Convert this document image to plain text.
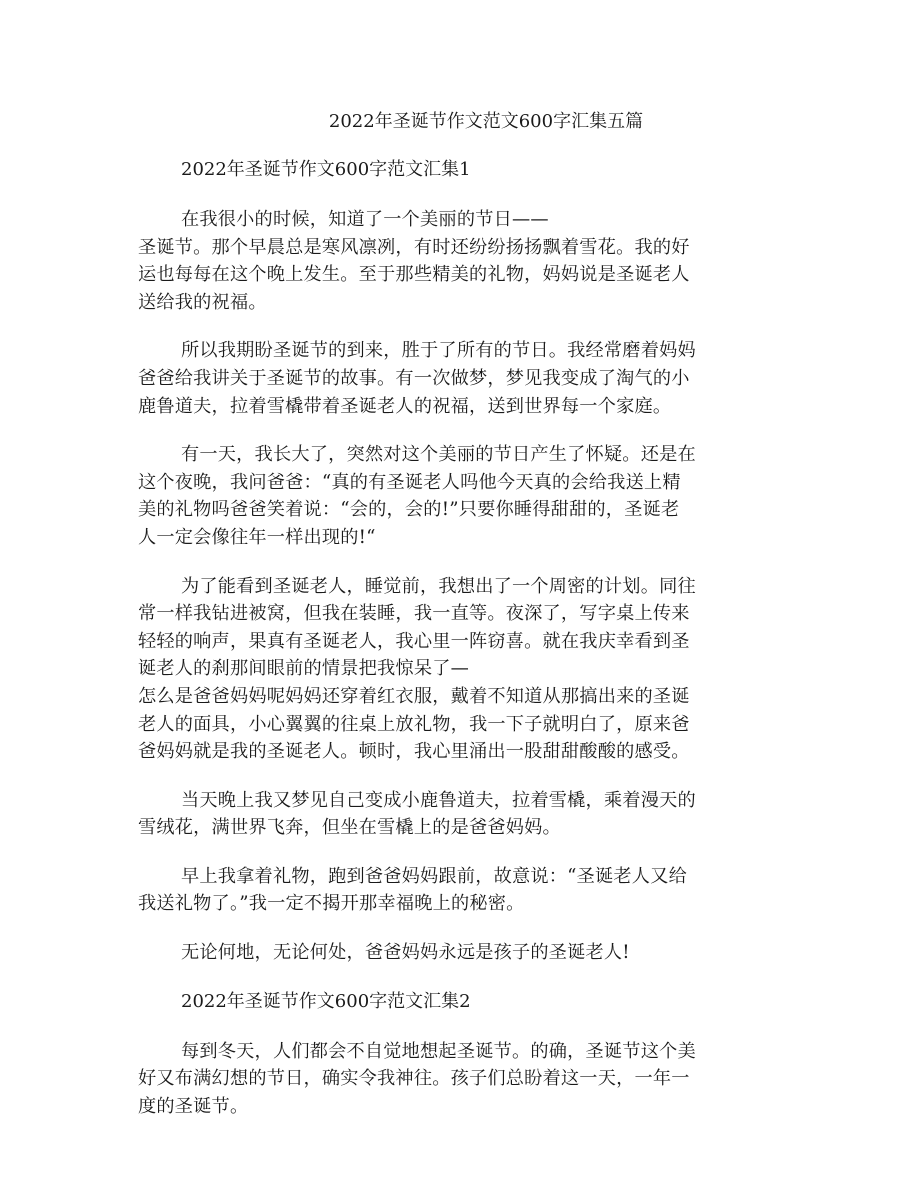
2022年圣诞节作文范文600字汇集五篇
2022年圣诞节作文600字范文汇集1

在我很小的时候，知道了一个美丽的节日——
圣诞节。那个早晨总是寒风凛冽，有时还纷纷扬扬飘着雪花。我的好
运也每每在这个晚上发生。至于那些精美的礼物，妈妈说是圣诞老人
送给我的祝福。

所以我期盼圣诞节的到来，胜于了所有的节日。我经常磨着妈妈
爸爸给我讲关于圣诞节的故事。有一次做梦，梦见我变成了淘气的小
鹿鲁道夫，拉着雪橇带着圣诞老人的祝福，送到世界每一个家庭。

有一天，我长大了，突然对这个美丽的节日产生了怀疑。还是在
这个夜晚，我问爸爸：“真的有圣诞老人吗他今天真的会给我送上精
美的礼物吗爸爸笑着说：“会的，会的!”只要你睡得甜甜的，圣诞老
人一定会像往年一样出现的!“

为了能看到圣诞老人，睡觉前，我想出了一个周密的计划。同往
常一样我钻进被窝，但我在装睡，我一直等。夜深了，写字桌上传来
轻轻的响声，果真有圣诞老人，我心里一阵窃喜。就在我庆幸看到圣
诞老人的刹那间眼前的情景把我惊呆了—
怎么是爸爸妈妈呢妈妈还穿着红衣服，戴着不知道从那搞出来的圣诞
老人的面具，小心翼翼的往桌上放礼物，我一下子就明白了，原来爸
爸妈妈就是我的圣诞老人。顿时，我心里涌出一股甜甜酸酸的感受。

当天晚上我又梦见自己变成小鹿鲁道夫，拉着雪橇，乘着漫天的
雪绒花，满世界飞奔，但坐在雪橇上的是爸爸妈妈。

早上我拿着礼物，跑到爸爸妈妈跟前，故意说：“圣诞老人又给
我送礼物了。”我一定不揭开那幸福晚上的秘密。

无论何地，无论何处，爸爸妈妈永远是孩子的圣诞老人!

2022年圣诞节作文600字范文汇集2

每到冬天，人们都会不自觉地想起圣诞节。的确，圣诞节这个美
好又布满幻想的节日，确实令我神往。孩子们总盼着这一天，一年一
度的圣诞节。
